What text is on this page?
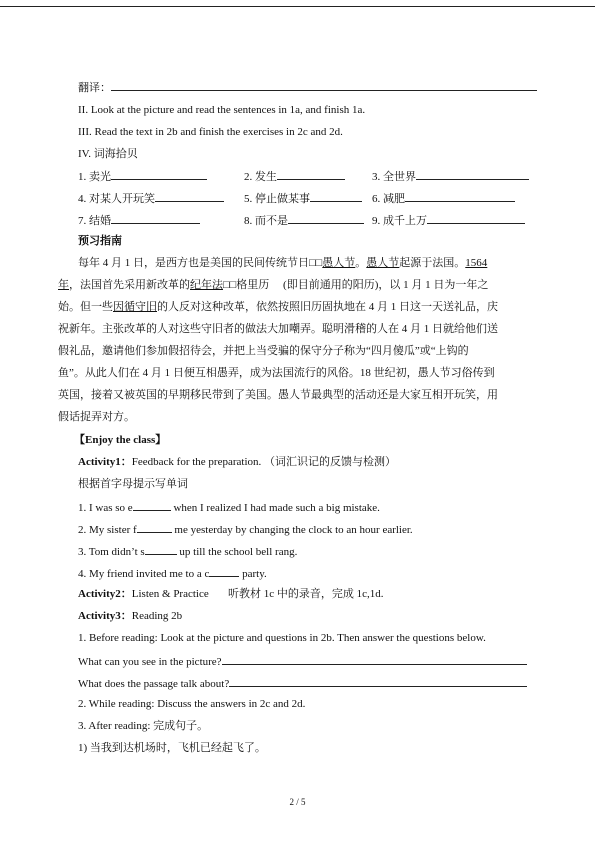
翻译：
II. Look at the picture and read the sentences in 1a, and finish 1a.
III. Read the text in 2b and finish the exercises in 2c and 2d.
IV. 词海拾贝
1. 卖光	2. 发生	3. 全世界
4. 对某人开玩笑	5. 停止做某事	6. 减肥
7. 结婚	8. 而不是	9. 成千上万
预习指南
每年 4 月 1 日，是西方也是美国的民间传统节日□□愚人节。愚人节起源于法国。1564
年，法国首先采用新改革的纪年法□□格里历 (即目前通用的阳历)，以 1 月 1 日为一年之
始。但一些因循守旧的人反对这种改革，依然按照旧历固执地在 4 月 1 日这一天送礼品，庆
祝新年。主张改革的人对这些守旧者的做法大加嘲弄。聪明滑稽的人在 4 月 1 日就给他们送
假礼品，邀请他们参加假招待会，并把上当受骗的保守分子称为“四月傻瓜”或“上钩的
鱼”。从此人们在 4 月 1 日便互相愚弄，成为法国流行的风俗。18 世纪初，愚人节习俗传到
英国，接着又被英国的早期移民带到了美国。愚人节最典型的活动还是大家互相开玩笑，用
假话捉弄对方。
【Enjoy the class】
Activity1：Feedback for the preparation. （词汇识记的反馈与检测）
根据首字母提示写单词
1. I was so e	when I realized I had made such a big mistake.
2. My sister f	me yesterday by changing the clock to an hour earlier.
3. Tom didn’t s	up till the school bell rang.
4. My friend invited me to a c	party.
Activity2：Listen & Practice       听教材 1c 中的录音，完成 1c,1d.
Activity3：Reading 2b
1. Before reading: Look at the picture and questions in 2b. Then answer the questions below.
What can you see in the picture?
What does the passage talk about?
2. While reading: Discuss the answers in 2c and 2d.
3. After reading: 完成句子。
1) 当我到达机场时，飞机已经起飞了。
2 / 5
